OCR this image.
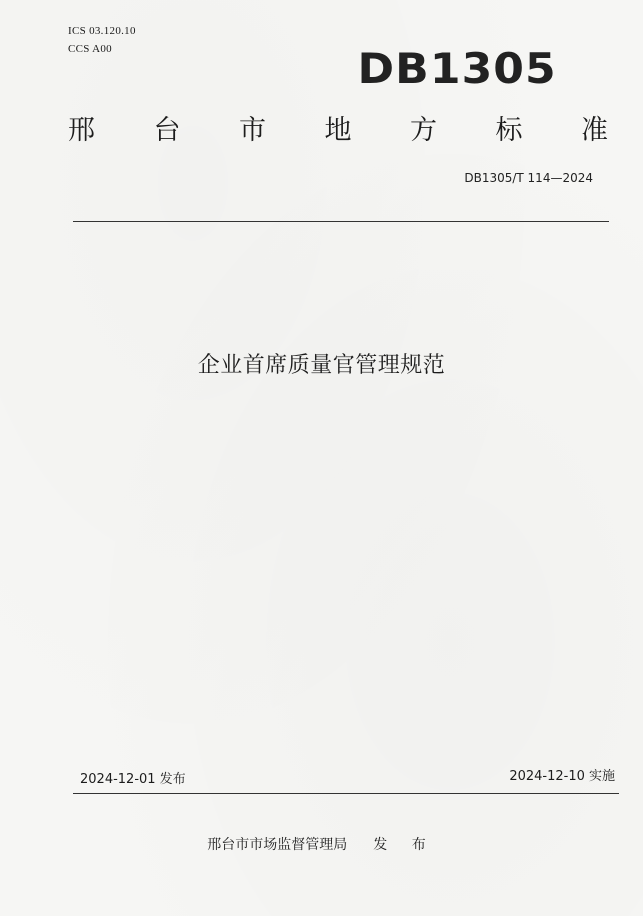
ICS 03.120.10
CCS A00	DB1305
邢 台 市 地 方 标 准
DB1305/T 114—2024
企业首席质量官管理规范
2024-12-01 发布	2024-12-10 实施
邢台市市场监督管理局 发 布
